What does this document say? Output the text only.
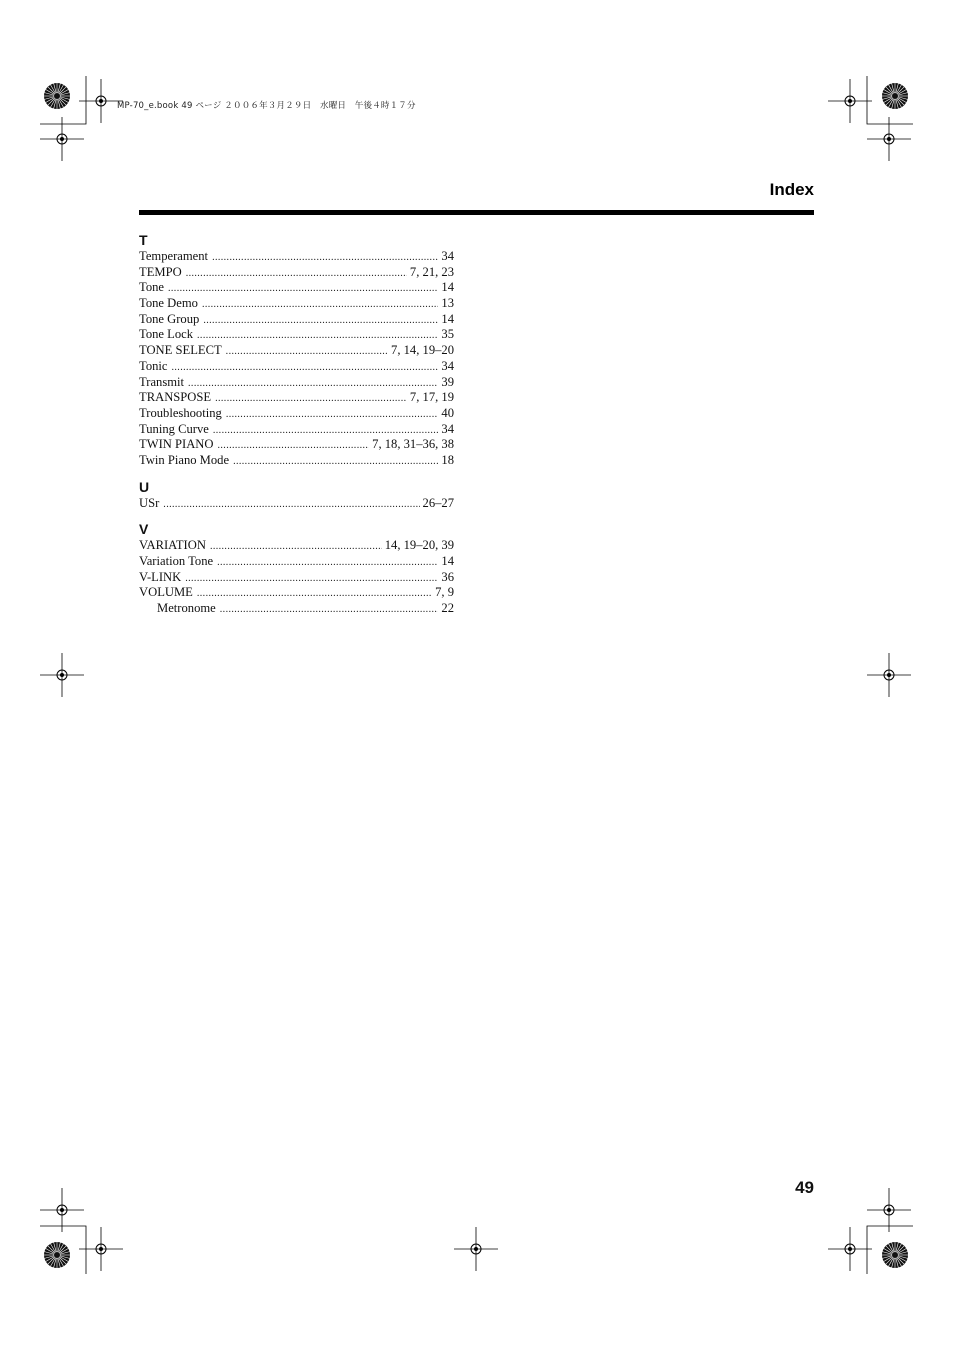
MP-70_e.book 49 ページ ２００６年３月２９日　水曜日　午後４時１７分
Index
T
Temperament .....	34
TEMPO .....	7, 21, 23
Tone .....	14
Tone Demo .....	13
Tone Group .....	14
Tone Lock .....	35
TONE SELECT .....	7, 14, 19–20
Tonic .....	34
Transmit .....	39
TRANSPOSE .....	7, 17, 19
Troubleshooting .....	40
Tuning Curve .....	34
TWIN PIANO .....	7, 18, 31–36, 38
Twin Piano Mode .....	18
U
USr .....	26–27
V
VARIATION .....	14, 19–20, 39
Variation Tone .....	14
V-LINK .....	36
VOLUME .....	7, 9
Metronome .....	22
49
